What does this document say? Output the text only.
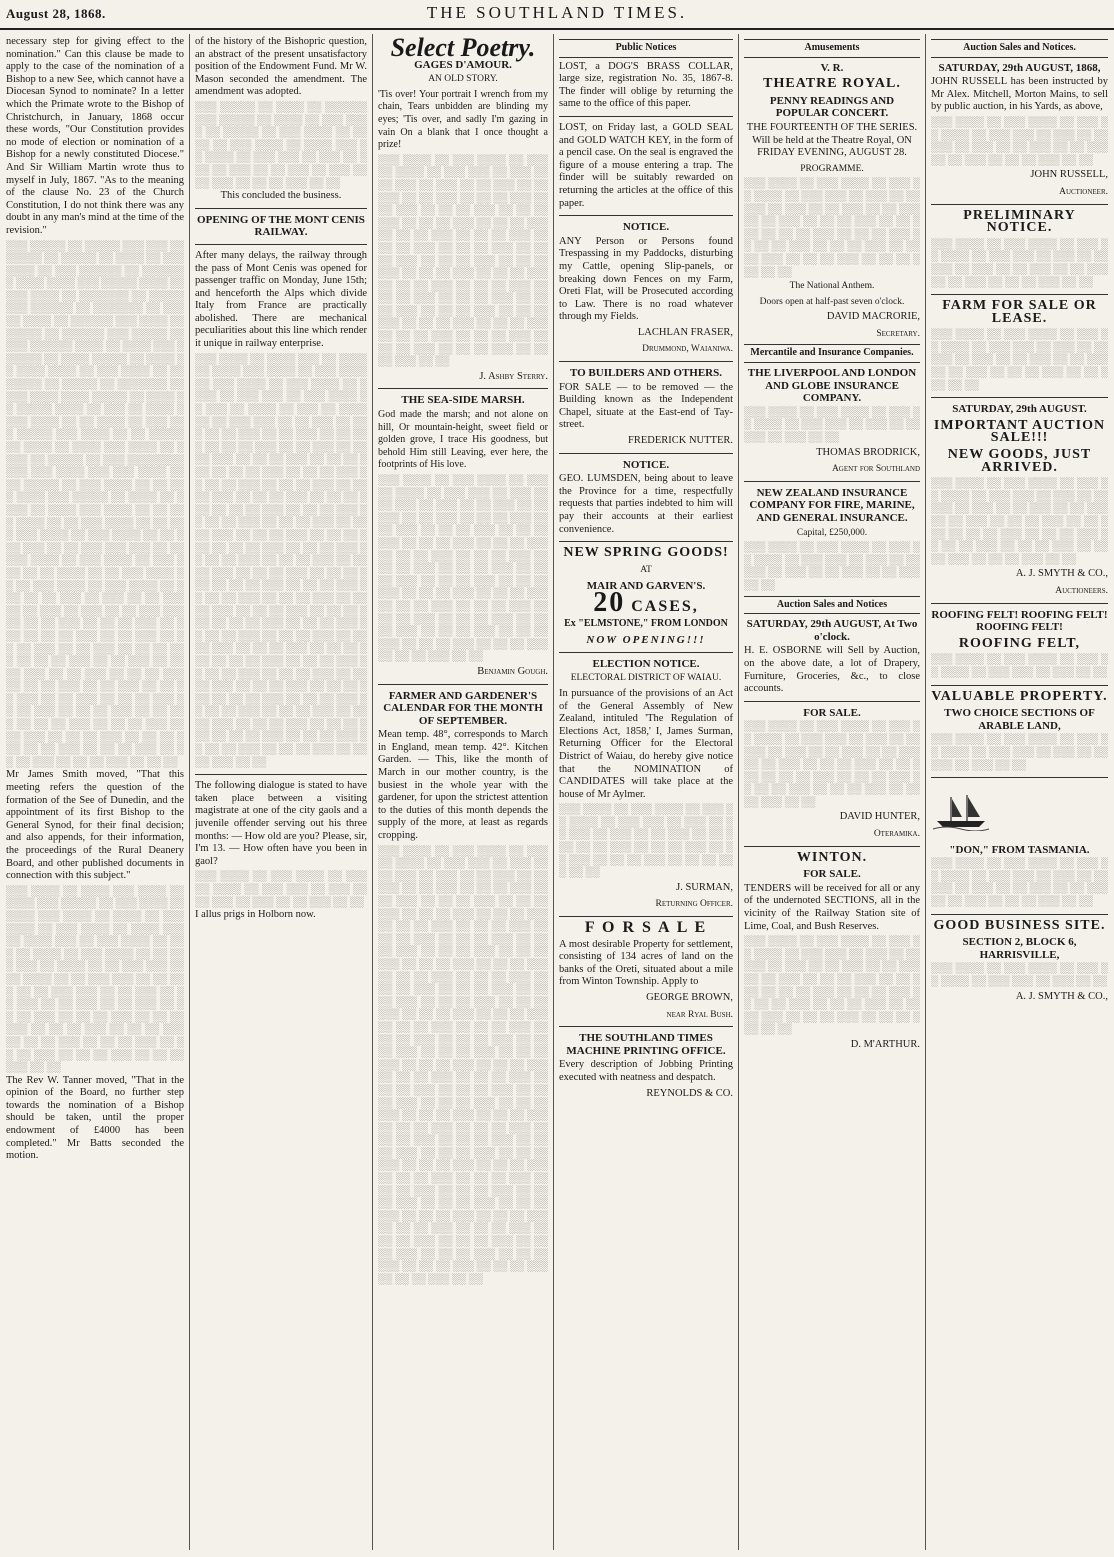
August 28, 1868.	THE SOUTHLAND TIMES.
necessary step for giving effect to the nomination." Can this clause be made to apply to the case of the nomination of a Bishop to a new See, which cannot have a Diocesan Synod to nominate? In a letter which the Primate wrote to the Bishop of Christchurch, in January, 1868 occur these words, "Our Constitution provides no mode of election or nomination of a Bishop for a newly constituted Diocese." And Sir William Martin wrote thus to myself in July, 1867. "As to the meaning of the clause No. 23 of the Church Constitution, I do not think there was any doubt in any man's mind at the time of the revision."
░░░ ░░░░░ ░░ ░░░░░ ░░░ ░░░ ░░░░░░░ ░░ ░░░░░ ░░ ░░░░ ░░ ░░░░░░░ ░░ ░░░ ░░░░░░ ░░ ░░░░░░░ ░░░░ ░░░░ ░░░ ░░░░░ ░░░░ ░░ ░░░ ░░░░ ░░ ░░░░░░░ ░░ ░░░░░ ░░░ ░░░░░░ ░░ ░░░░░░░ ░░ ░░░░░ ░░░░ ░░ ░░░░░░ ░░░ ░░░░ ░░ ░░░░░ ░░ ░░░░░░ ░░░ ░░░░░ ░░ ░░░ ░░░░░░ ░░░░ ░░ ░░░░ ░░░ ░░░░░░ ░░ ░░░░ ░░░░░ ░░ ░░░░ ░░ ░░░░ ░░░░ ░░ ░░░ ░░░░ ░░ ░░░░░░░ ░░ ░░░░░ ░░ ░░░░░░░ ░░ ░░░ ░░░░ ░░░░ ░░░░░ ░░ ░░░░ ░░ ░░░░░ ░░░░ ░░ ░░░ ░░ ░░░░ ░░░░ ░░░░ ░░ ░░ ░░░░ ░░ ░░░ ░░░ ░░░░░ ░░░ ░░░░ ░░ ░░ ░░░░░ ░░ ░░░░ ░░ ░░░░ ░░░ ░░░░ ░░ ░░░░ ░░ ░░░░░ ░░ ░░░ ░░░░░░░░ ░░░ ░░░ ░░░░ ░░░ ░░░ ░░░░ ░░ ░░ ░░░░░ ░░ ░░░ ░░░░ ░░ ░░ ░░░ ░░░░ ░░░ ░░░░░ ░░ ░░░░ ░░ ░░░░ ░░ ░░░░ ░░░ ░░░░ ░░ ░░ ░░░ ░░░░ ░░ ░░ ░░░ ░░░░ ░░ ░░ ░░░ ░░░ ░░░░ ░░ ░░░ ░░░░ ░░ ░░ ░░░ ░░░ ░░ ░░ ░░░ ░░░ ░░░ ░░ ░░ ░░░ ░░░░ ░░ ░░░ ░░░░ ░░ ░░░ ░░░ ░░ ░░ ░░░░ ░░ ░░ ░░░ ░░░░ ░░ ░░ ░░░ ░░░░ ░░ ░░░ ░░░░ ░░ ░░░ ░░ ░░ ░░░ ░░ ░░░ ░░ ░░ ░░░ ░░ ░░ ░░░ ░░ ░░░ ░░ ░░ ░░░ ░░░ ░░ ░░ ░░ ░░░ ░░ ░░ ░░ ░░░ ░░ ░░░ ░░ ░░ ░░ ░░░ ░░ ░░ ░░░ ░░ ░░ ░░ ░░░ ░░ ░░ ░░░ ░░ ░░ ░░ ░░░ ░░ ░░ ░░ ░░░ ░░ ░░ ░░░ ░░ ░░ ░░ ░░░ ░░ ░░ ░░░ ░░ ░░ ░░ ░░░ ░░ ░░ ░░ ░░░ ░░ ░░ ░░░ ░░ ░░ ░░ ░░░ ░░ ░░ ░░░ ░░ ░░ ░░ ░░░ ░░ ░░ ░░░ ░░ ░░ ░░ ░░░ ░░ ░░ ░░░ ░░ ░░ ░░ ░░░ ░░ ░░ ░░ ░░░ ░░ ░░ ░░░ ░░ ░░ ░░ ░░░ ░░ ░░ ░░ ░░░ ░░ ░░ ░░░ ░░ ░░ ░░ ░░░ ░░ ░░ ░░ ░░░ ░░ ░░ ░░ ░░░ ░░ ░░ ░░
Mr James Smith moved, "That this meeting refers the question of the formation of the See of Dunedin, and the appointment of its first Bishop to the General Synod, for their final decision; and also appends, for their information, the proceedings of the Rural Deanery Board, and other published documents in connection with this subject."
░░░ ░░░░ ░░ ░░░░ ░░░ ░░░░ ░░ ░░░░ ░░░ ░░░░░ ░░ ░░░ ░░░░ ░░ ░░░░ ░░░ ░░░░ ░░ ░░░░ ░░ ░░░ ░░░░ ░░ ░░░ ░░░░ ░░ ░░░░ ░░░ ░░ ░░░░ ░░░ ░░ ░░░ ░░░░ ░░ ░░░ ░░ ░░░░ ░░ ░░░ ░░░░ ░░ ░░ ░░░ ░░░ ░░ ░░░░ ░░ ░░ ░░░ ░░░ ░░ ░░ ░░░░ ░░ ░░ ░░░ ░░░ ░░ ░░ ░░░ ░░ ░░ ░░░ ░░░ ░░ ░░ ░░░ ░░ ░░ ░░░ ░░ ░░ ░░░ ░░ ░░ ░░░ ░░ ░░ ░░ ░░░ ░░ ░░ ░░ ░░░ ░░ ░░ ░░ ░░░ ░░ ░░ ░░ ░░░ ░░ ░░ ░░ ░░░ ░░ ░░ ░░ ░░░ ░░ ░░ ░░ ░░░ ░░ ░░ ░░ ░░░ ░░ ░░ ░░ ░░░ ░░ ░░ ░░ ░░░ ░░ ░░
The Rev W. Tanner moved, "That in the opinion of the Board, no further step towards the nomination of a Bishop should be taken, until the proper endowment of £4000 has been completed." Mr Batts seconded the motion.
of the history of the Bishopric question, an abstract of the present unsatisfactory position of the Endowment Fund. Mr W. Mason seconded the amendment. The amendment was adopted.
░░░ ░░░░░ ░░ ░░░░ ░░ ░░░░░░ ░░░ ░░░░░ ░░ ░░░░ ░░ ░░░ ░░░░ ░░ ░░░░░ ░░ ░░░ ░░░░ ░░ ░░░░ ░░ ░░░ ░░░░ ░░ ░░░░ ░░░ ░░ ░░░░ ░░ ░░░ ░░░ ░░ ░░░ ░░ ░░░ ░░ ░░░ ░░ ░░ ░░░ ░░ ░░░ ░░ ░░ ░░░ ░░ ░░ ░░ ░░░ ░░ ░░
This concluded the business.
OPENING OF THE MONT CENIS RAILWAY.
After many delays, the railway through the pass of Mont Cenis was opened for passenger traffic on Monday, June 15th; and henceforth the Alps which divide Italy from France are practically abolished. There are mechanical peculiarities about this line which render it unique in railway enterprise.
░░░ ░░░░ ░░ ░░░░ ░░░ ░░ ░░░░ ░░ ░░░░ ░░░ ░░░░ ░░ ░░░ ░░░░ ░░ ░░░ ░░░░ ░░ ░░░ ░░░░ ░░ ░░░░ ░░ ░░░ ░░░ ░░ ░░░ ░░░░ ░░ ░░░ ░░ ░░░░ ░░ ░░░ ░░ ░░░░ ░░ ░░ ░░░ ░░░ ░░ ░░ ░░░ ░░ ░░░ ░░ ░░ ░░░ ░░ ░░ ░░░ ░░ ░░ ░░░ ░░ ░░ ░░ ░░░ ░░ ░░ ░░░ ░░ ░░ ░░ ░░░ ░░ ░░ ░░ ░░░ ░░ ░░ ░░ ░░░ ░░ ░░ ░░ ░░░ ░░ ░░ ░░ ░░░ ░░ ░░ ░░ ░░░ ░░ ░░ ░░ ░░░ ░░ ░░ ░░ ░░░ ░░ ░░ ░░ ░░░ ░░ ░░ ░░ ░░░ ░░ ░░ ░░ ░░░ ░░ ░░ ░░ ░░░ ░░ ░░ ░░ ░░░ ░░ ░░ ░░ ░░░ ░░ ░░ ░░ ░░░ ░░ ░░ ░░ ░░░ ░░ ░░ ░░ ░░░ ░░ ░░ ░░ ░░░ ░░ ░░ ░░ ░░░ ░░ ░░ ░░ ░░░ ░░ ░░ ░░ ░░░ ░░ ░░ ░░ ░░░ ░░ ░░ ░░ ░░░ ░░ ░░ ░░ ░░░ ░░ ░░ ░░ ░░░ ░░ ░░ ░░ ░░░ ░░ ░░ ░░ ░░░ ░░ ░░ ░░ ░░░ ░░ ░░ ░░ ░░░ ░░ ░░ ░░ ░░░ ░░ ░░ ░░ ░░░ ░░ ░░ ░░ ░░░ ░░ ░░ ░░ ░░░ ░░ ░░ ░░ ░░░ ░░ ░░ ░░ ░░░ ░░ ░░ ░░ ░░░ ░░ ░░ ░░ ░░░ ░░ ░░ ░░ ░░░ ░░ ░░ ░░ ░░░ ░░ ░░ ░░ ░░░ ░░ ░░ ░░ ░░░ ░░ ░░ ░░ ░░░ ░░ ░░ ░░ ░░░ ░░ ░░ ░░ ░░░ ░░ ░░ ░░ ░░░ ░░ ░░ ░░ ░░░ ░░ ░░ ░░ ░░░ ░░ ░░ ░░ ░░░ ░░ ░░ ░░ ░░░ ░░ ░░ ░░ ░░░ ░░ ░░ ░░ ░░░ ░░ ░░ ░░ ░░░ ░░ ░░ ░░ ░░░ ░░ ░░ ░░ ░░░ ░░ ░░ ░░ ░░░ ░░ ░░ ░░ ░░░ ░░ ░░ ░░ ░░░ ░░ ░░
The following dialogue is stated to have taken place between a visiting magistrate at one of the city gaols and a juvenile offender serving out his three months: — How old are you? Please, sir, I'm 13. — How often have you been in gaol?
░░░ ░░░░ ░░ ░░░ ░░░░ ░░ ░░░ ░░ ░░░░ ░░ ░░░ ░░░ ░░ ░░░ ░░ ░░ ░░░ ░░ ░░░ ░░ ░░ ░░░ ░░ ░░
I allus prigs in Holborn now.
Select Poetry.
GAGES D'AMOUR.
AN OLD STORY.
'Tis over! Your portrait I wrench from my chain, Tears unbidden are blinding my eyes; 'Tis over, and sadly I'm gazing in vain On a blank that I once thought a prize!
░░░ ░░░░ ░░ ░░░ ░░░░ ░░ ░░░ ░░ ░░░░ ░░ ░░░ ░░░ ░░ ░░░ ░░ ░░ ░░░ ░░ ░░░ ░░ ░░ ░░░ ░░ ░░ ░░░ ░░ ░░ ░░░ ░░ ░░ ░░ ░░░ ░░ ░░ ░░░ ░░ ░░ ░░ ░░░ ░░ ░░ ░░ ░░░ ░░ ░░ ░░ ░░░ ░░ ░░ ░░ ░░░ ░░ ░░ ░░ ░░░ ░░ ░░ ░░ ░░░ ░░ ░░ ░░ ░░░ ░░ ░░ ░░ ░░░ ░░ ░░ ░░ ░░░ ░░ ░░ ░░ ░░░ ░░ ░░ ░░ ░░░ ░░ ░░ ░░ ░░░ ░░ ░░ ░░ ░░░ ░░ ░░ ░░ ░░░ ░░ ░░ ░░ ░░░ ░░ ░░ ░░ ░░░ ░░ ░░ ░░ ░░░ ░░ ░░ ░░ ░░░ ░░ ░░ ░░ ░░░ ░░ ░░ ░░ ░░░ ░░ ░░ ░░ ░░░ ░░ ░░ ░░ ░░░ ░░ ░░ ░░ ░░░ ░░ ░░ ░░ ░░░ ░░ ░░ ░░ ░░░ ░░ ░░ ░░ ░░░ ░░ ░░ ░░ ░░░ ░░ ░░
J. Ashby Sterry.
THE SEA-SIDE MARSH.
God made the marsh; and not alone on hill, Or mountain-height, sweet field or golden grove, I trace His goodness, but behold Him still Leaving, ever here, the footprints of His love.
░░░ ░░░░ ░░ ░░░ ░░░░ ░░ ░░░ ░░ ░░░░ ░░ ░░░ ░░░ ░░ ░░░ ░░ ░░ ░░░ ░░ ░░░ ░░ ░░ ░░░ ░░ ░░ ░░░ ░░ ░░ ░░░ ░░ ░░ ░░ ░░░ ░░ ░░ ░░░ ░░ ░░ ░░ ░░░ ░░ ░░ ░░ ░░░ ░░ ░░ ░░ ░░░ ░░ ░░ ░░ ░░░ ░░ ░░ ░░ ░░░ ░░ ░░ ░░ ░░░ ░░ ░░ ░░ ░░░ ░░ ░░ ░░ ░░░ ░░ ░░ ░░ ░░░ ░░ ░░ ░░ ░░░ ░░ ░░ ░░ ░░░ ░░ ░░ ░░ ░░░ ░░ ░░ ░░ ░░░ ░░ ░░ ░░ ░░░ ░░ ░░ ░░ ░░░ ░░ ░░ ░░ ░░░ ░░ ░░ ░░ ░░░ ░░ ░░ ░░ ░░░ ░░ ░░ ░░ ░░░ ░░ ░░ ░░ ░░░ ░░ ░░ ░░ ░░░ ░░ ░░ ░░ ░░░ ░░ ░░ ░░ ░░░ ░░ ░░
Benjamin Gough.
FARMER AND GARDENER'S CALENDAR FOR THE MONTH OF SEPTEMBER.
Mean temp. 48°, corresponds to March in England, mean temp. 42°. Kitchen Garden. — This, like the month of March in our mother country, is the busiest in the whole year with the gardener, for upon the strictest attention to the duties of this month depends the supply of the more, at least as regards cropping.
░░░ ░░░░ ░░ ░░░ ░░░░ ░░ ░░░ ░░ ░░░░ ░░ ░░░ ░░░ ░░ ░░░ ░░ ░░ ░░░ ░░ ░░░ ░░ ░░ ░░░ ░░ ░░ ░░░ ░░ ░░ ░░░ ░░ ░░ ░░ ░░░ ░░ ░░ ░░░ ░░ ░░ ░░ ░░░ ░░ ░░ ░░ ░░░ ░░ ░░ ░░ ░░░ ░░ ░░ ░░ ░░░ ░░ ░░ ░░ ░░░ ░░ ░░ ░░ ░░░ ░░ ░░ ░░ ░░░ ░░ ░░ ░░ ░░░ ░░ ░░ ░░ ░░░ ░░ ░░ ░░ ░░░ ░░ ░░ ░░ ░░░ ░░ ░░ ░░ ░░░ ░░ ░░ ░░ ░░░ ░░ ░░ ░░ ░░░ ░░ ░░ ░░ ░░░ ░░ ░░ ░░ ░░░ ░░ ░░ ░░ ░░░ ░░ ░░ ░░ ░░░ ░░ ░░ ░░ ░░░ ░░ ░░ ░░ ░░░ ░░ ░░ ░░ ░░░ ░░ ░░ ░░ ░░░ ░░ ░░ ░░ ░░░ ░░ ░░ ░░ ░░░ ░░ ░░ ░░ ░░░ ░░ ░░ ░░ ░░░ ░░ ░░ ░░ ░░░ ░░ ░░ ░░ ░░░ ░░ ░░ ░░ ░░░ ░░ ░░ ░░ ░░░ ░░ ░░ ░░ ░░░ ░░ ░░ ░░ ░░░ ░░ ░░ ░░ ░░░ ░░ ░░ ░░ ░░░ ░░ ░░ ░░ ░░░ ░░ ░░ ░░ ░░░ ░░ ░░ ░░ ░░░ ░░ ░░ ░░ ░░░ ░░ ░░ ░░ ░░░ ░░ ░░ ░░ ░░░ ░░ ░░ ░░ ░░░ ░░ ░░ ░░ ░░░ ░░ ░░ ░░ ░░░ ░░ ░░ ░░ ░░░ ░░ ░░ ░░ ░░░ ░░ ░░ ░░ ░░░ ░░ ░░ ░░ ░░░ ░░ ░░ ░░ ░░░ ░░ ░░ ░░ ░░░ ░░ ░░ ░░ ░░░ ░░ ░░ ░░ ░░░ ░░ ░░ ░░ ░░░ ░░ ░░ ░░ ░░░ ░░ ░░ ░░ ░░░ ░░ ░░ ░░ ░░░ ░░ ░░ ░░ ░░░ ░░ ░░ ░░ ░░░ ░░ ░░ ░░ ░░░ ░░ ░░ ░░ ░░░ ░░ ░░ ░░ ░░░ ░░ ░░ ░░ ░░░ ░░ ░░ ░░ ░░░ ░░ ░░ ░░ ░░░ ░░ ░░ ░░ ░░░ ░░ ░░ ░░ ░░░ ░░ ░░ ░░ ░░░ ░░ ░░ ░░ ░░░ ░░ ░░ ░░ ░░░ ░░ ░░
Public Notices
LOST, a DOG'S BRASS COLLAR, large size, registration No. 35, 1867-8. The finder will oblige by returning the same to the office of this paper.
LOST, on Friday last, a GOLD SEAL and GOLD WATCH KEY, in the form of a pencil case. On the seal is engraved the figure of a mouse entering a trap. The finder will be suitably rewarded on returning the articles at the office of this paper.
NOTICE.
ANY Person or Persons found Trespassing in my Paddocks, disturbing my Cattle, opening Slip-panels, or breaking down Fences on my Farm, Oreti Flat, will be Prosecuted according to Law. There is no road whatever through my Fields.
LACHLAN FRASER,
Drummond, Waianiwa.
TO BUILDERS AND OTHERS.
FOR SALE — to be removed — the Building known as the Independent Chapel, situate at the East-end of Tay-street.
FREDERICK NUTTER.
NOTICE.
GEO. LUMSDEN, being about to leave the Province for a time, respectfully requests that parties indebted to him will pay their accounts at their earliest convenience.
NEW SPRING GOODS!
AT
MAIR AND GARVEN'S.
20 CASES,
Ex "ELMSTONE," FROM LONDON
NOW OPENING!!!
ELECTION NOTICE.
ELECTORAL DISTRICT OF WAIAU.
In pursuance of the provisions of an Act of the General Assembly of New Zealand, intituled 'The Regulation of Elections Act, 1858,' I, James Surman, Returning Officer for the Electoral District of Waiau, do hereby give notice that the NOMINATION of CANDIDATES will take place at the house of Mr Aylmer.
░░░ ░░░░ ░░ ░░░ ░░░░ ░░ ░░░ ░░ ░░░░ ░░ ░░░ ░░░ ░░ ░░░ ░░ ░░ ░░░ ░░ ░░░ ░░ ░░ ░░░ ░░ ░░ ░░░ ░░ ░░ ░░░ ░░ ░░ ░░ ░░░ ░░ ░░ ░░░ ░░ ░░ ░░ ░░░ ░░ ░░ ░░ ░░░ ░░ ░░
J. SURMAN,
Returning Officer.
F O R S A L E
A most desirable Property for settlement, consisting of 134 acres of land on the banks of the Oreti, situated about a mile from Winton Township. Apply to
GEORGE BROWN,
near Ryal Bush.
THE SOUTHLAND TIMES MACHINE PRINTING OFFICE.
Every description of Jobbing Printing executed with neatness and despatch.
REYNOLDS & CO.
Amusements
V. R.
THEATRE ROYAL.
PENNY READINGS AND POPULAR CONCERT.
THE FOURTEENTH OF THE SERIES. Will be held at the Theatre Royal, ON FRIDAY EVENING, AUGUST 28.
PROGRAMME.
░░░ ░░░░ ░░ ░░░ ░░░░ ░░ ░░░ ░░ ░░░░ ░░ ░░░ ░░░ ░░ ░░░ ░░ ░░ ░░░ ░░ ░░░ ░░ ░░ ░░░ ░░ ░░ ░░░ ░░ ░░ ░░░ ░░ ░░ ░░ ░░░ ░░ ░░ ░░░ ░░ ░░ ░░ ░░░ ░░ ░░ ░░ ░░░ ░░ ░░ ░░ ░░░ ░░ ░░ ░░ ░░░ ░░ ░░ ░░ ░░░ ░░ ░░ ░░ ░░░ ░░ ░░ ░░ ░░░ ░░ ░░
The National Anthem.
Doors open at half-past seven o'clock.
DAVID MACRORIE,
Secretary.
Mercantile and Insurance Companies.
THE LIVERPOOL AND LONDON AND GLOBE INSURANCE COMPANY.
░░░ ░░░░ ░░ ░░░ ░░░░ ░░ ░░░ ░░ ░░░░ ░░ ░░░ ░░░ ░░ ░░░ ░░ ░░ ░░░ ░░ ░░░ ░░ ░░
THOMAS BRODRICK,
Agent for Southland
NEW ZEALAND INSURANCE COMPANY FOR FIRE, MARINE, AND GENERAL INSURANCE.
Capital, £250,000.
░░░ ░░░░ ░░ ░░░ ░░░░ ░░ ░░░ ░░ ░░░░ ░░ ░░░ ░░░ ░░ ░░░ ░░ ░░ ░░░ ░░ ░░░ ░░ ░░ ░░░ ░░ ░░ ░░░ ░░ ░░
Auction Sales and Notices
SATURDAY, 29th AUGUST, At Two o'clock.
H. E. OSBORNE will Sell by Auction, on the above date, a lot of Drapery, Furniture, Groceries, &c., to close accounts.
FOR SALE.
░░░ ░░░░ ░░ ░░░ ░░░░ ░░ ░░░ ░░ ░░░░ ░░ ░░░ ░░░ ░░ ░░░ ░░ ░░ ░░░ ░░ ░░░ ░░ ░░ ░░░ ░░ ░░ ░░░ ░░ ░░ ░░░ ░░ ░░ ░░ ░░░ ░░ ░░ ░░░ ░░ ░░ ░░ ░░░ ░░ ░░ ░░ ░░░ ░░ ░░ ░░ ░░░ ░░ ░░ ░░ ░░░ ░░ ░░ ░░ ░░░ ░░ ░░
DAVID HUNTER,
Oteramika.
WINTON.
FOR SALE.
TENDERS will be received for all or any of the undernoted SECTIONS, all in the vicinity of the Railway Station site of Lime, Coal, and Bush Reserves.
░░░ ░░░░ ░░ ░░░ ░░░░ ░░ ░░░ ░░ ░░░░ ░░ ░░░ ░░░ ░░ ░░░ ░░ ░░ ░░░ ░░ ░░░ ░░ ░░ ░░░ ░░ ░░ ░░░ ░░ ░░ ░░░ ░░ ░░ ░░ ░░░ ░░ ░░ ░░░ ░░ ░░ ░░ ░░░ ░░ ░░ ░░ ░░░ ░░ ░░ ░░ ░░░ ░░ ░░ ░░ ░░░ ░░ ░░ ░░ ░░░ ░░ ░░ ░░ ░░░ ░░ ░░ ░░ ░░░ ░░ ░░
D. M'ARTHUR.
Auction Sales and Notices.
SATURDAY, 29th AUGUST, 1868,
JOHN RUSSELL has been instructed by Mr Alex. Mitchell, Morton Mains, to sell by public auction, in his Yards, as above,
░░░ ░░░░ ░░ ░░░ ░░░░ ░░ ░░░ ░░ ░░░░ ░░ ░░░ ░░░ ░░ ░░░ ░░ ░░ ░░░ ░░ ░░░ ░░ ░░ ░░░ ░░ ░░ ░░░ ░░ ░░ ░░░ ░░ ░░ ░░ ░░░ ░░ ░░
JOHN RUSSELL,
Auctioneer.
PRELIMINARY NOTICE.
░░░ ░░░░ ░░ ░░░ ░░░░ ░░ ░░░ ░░ ░░░░ ░░ ░░░ ░░░ ░░ ░░░ ░░ ░░ ░░░ ░░ ░░░ ░░ ░░ ░░░ ░░ ░░ ░░░ ░░ ░░ ░░░ ░░ ░░ ░░ ░░░ ░░ ░░
FARM FOR SALE OR LEASE.
░░░ ░░░░ ░░ ░░░ ░░░░ ░░ ░░░ ░░ ░░░░ ░░ ░░░ ░░░ ░░ ░░░ ░░ ░░ ░░░ ░░ ░░░ ░░ ░░ ░░░ ░░ ░░ ░░░ ░░ ░░ ░░░ ░░ ░░ ░░ ░░░ ░░ ░░ ░░░ ░░ ░░
SATURDAY, 29th AUGUST.
IMPORTANT AUCTION SALE!!!
NEW GOODS, JUST ARRIVED.
░░░ ░░░░ ░░ ░░░ ░░░░ ░░ ░░░ ░░ ░░░░ ░░ ░░░ ░░░ ░░ ░░░ ░░ ░░ ░░░ ░░ ░░░ ░░ ░░ ░░░ ░░ ░░ ░░░ ░░ ░░ ░░░ ░░ ░░ ░░ ░░░ ░░ ░░ ░░░ ░░ ░░ ░░ ░░░ ░░ ░░ ░░ ░░░ ░░ ░░ ░░ ░░░ ░░ ░░ ░░ ░░░ ░░ ░░ ░░ ░░░ ░░ ░░ ░░ ░░░ ░░ ░░
A. J. SMYTH & CO.,
Auctioneers.
ROOFING FELT! ROOFING FELT! ROOFING FELT!
ROOFING FELT,
░░░ ░░░░ ░░ ░░░ ░░░░ ░░ ░░░ ░░ ░░░░ ░░ ░░░ ░░░ ░░ ░░░ ░░ ░░
VALUABLE PROPERTY.
TWO CHOICE SECTIONS OF ARABLE LAND,
░░░ ░░░░ ░░ ░░░ ░░░░ ░░ ░░░ ░░ ░░░░ ░░ ░░░ ░░░ ░░ ░░░ ░░ ░░ ░░░ ░░ ░░░ ░░ ░░
"DON," FROM TASMANIA.
░░░ ░░░░ ░░ ░░░ ░░░░ ░░ ░░░ ░░ ░░░░ ░░ ░░░ ░░░ ░░ ░░░ ░░ ░░ ░░░ ░░ ░░░ ░░ ░░ ░░░ ░░ ░░ ░░░ ░░ ░░ ░░░ ░░ ░░ ░░ ░░░ ░░ ░░
GOOD BUSINESS SITE.
SECTION 2, BLOCK 6, HARRISVILLE,
░░░ ░░░░ ░░ ░░░ ░░░░ ░░ ░░░ ░░ ░░░░ ░░ ░░░ ░░░ ░░ ░░░ ░░ ░░
A. J. SMYTH & CO.,
